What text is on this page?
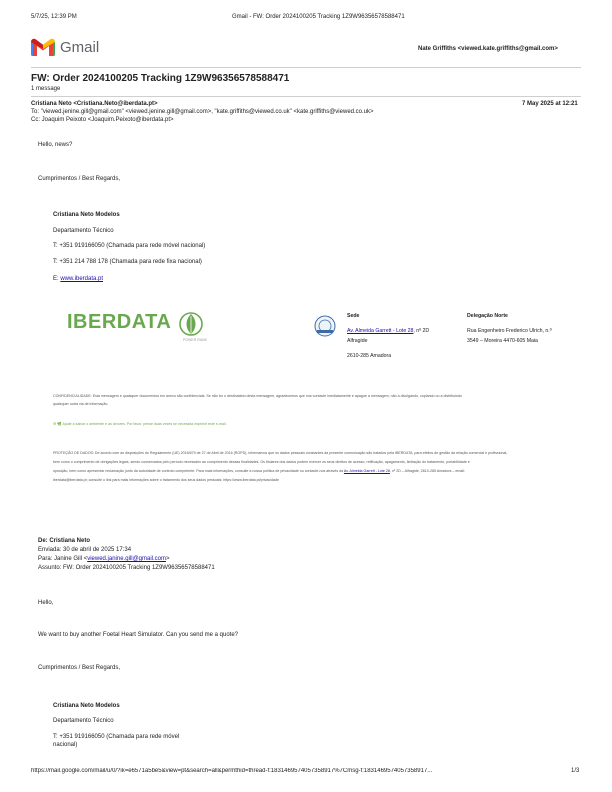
5/7/25, 12:39 PM	Gmail - FW: Order 2024100205 Tracking 1Z9W96356578588471
Gmail	Nate Griffiths <viewed.kate.griffiths@gmail.com>
FW: Order 2024100205 Tracking 1Z9W96356578588471
1 message
Cristiana Neto <Cristiana.Neto@iberdata.pt>	7 May 2025 at 12:21
To: "viewed.jenine.gill@gmail.com" <viewed.jenine.gill@gmail.com>, "kate.griffiths@viewed.co.uk" <kate.griffiths@viewed.co.uk>
Cc: Joaquim Peixoto <Joaquim.Peixoto@iberdata.pt>
Hello, news?
Cumprimentos / Best Regards,
Cristiana Neto Modelos
Departamento Técnico
T: +351 919166050 (Chamada para rede móvel nacional)
T: +351 214 788 178 (Chamada para rede fixa nacional)
E: www.iberdata.pt
IBERDATA
POWER RANK
Sede
Av. Almeida Garrett - Lote 28, nº 2D
Alfragide
2610-285 Amadora
Delegação Norte
Rua Engenheiro Frederico Ulrich, n.º
3549 – Moreira 4470-605 Maia
CONFIDENCIALIDADE: Esta mensagem e quaisquer documentos em anexo são confidenciais. Se não for o destinatário desta mensagem, agradecemos que nos contacte imediatamente e apague a mensagem, não a divulgando, copiando ou a distribuindo
quaisquer outra via de informação.
♻ 🌿 Ajude a salvar o ambiente e as árvores. Por favor, pense duas vezes se necessita imprimir este e-mail.
PROTEÇÃO DE DADOS: De acordo com as disposições do Regulamento (UE) 2016/679 de 27 de Abril de 2016 (RGPD), informamos que os dados pessoais constantes da presente comunicação são tratados pela IBERDATA, para efeitos de gestão da relação comercial e profissional,
bem como o cumprimento de obrigações legais, sendo conservados pelo período necessário ao cumprimento dessas finalidades. Os titulares dos dados podem exercer os seus direitos de acesso, retificação, apagamento, limitação do tratamento, portabilidade e
oposição, bem como apresentar reclamação junto da autoridade de controlo competente. Para mais informações, consulte a nossa política de privacidade ou contacte-nos através da Av. Almeida Garrett - Lote 28, nº 2D – Alfragide, 2610-285 Amadora – email:
iberdata@iberdata.pt; consulte o link para mais informações sobre o tratamento dos seus dados pessoais: https://www.iberdata.pt/privacidade
De: Cristiana Neto
Enviada: 30 de abril de 2025 17:34
Para: Janine Gill <viewed.janine.gill@gmail.com>
Assunto: FW: Order 2024100205 Tracking 1Z9W96356578588471
Hello,
We want to buy another Foetal Heart Simulator. Can you send me a quote?
Cumprimentos / Best Regards,
Cristiana Neto Modelos
Departamento Técnico
T: +351 919166050 (Chamada para rede móvel
nacional)
https://mail.google.com/mail/u/0/?ik=e6571a5be5&view=pt&search=all&permthid=thread-f:1831469574057358917%7Cmsg-f:1831469574057358917...	1/3
